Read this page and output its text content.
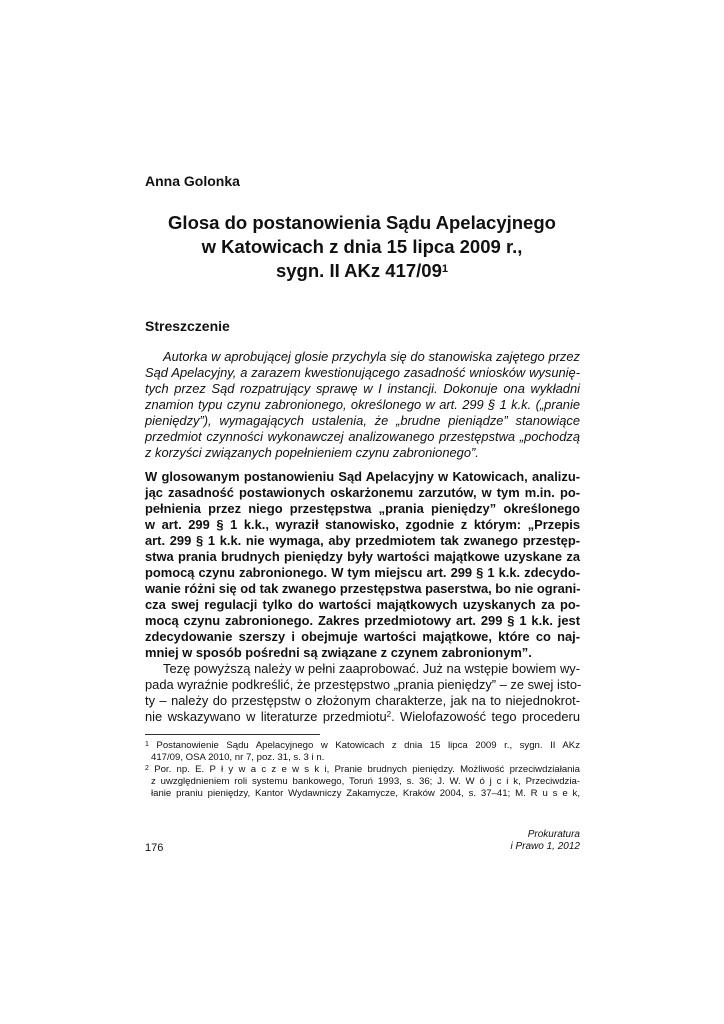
Anna Golonka
Glosa do postanowienia Sądu Apelacyjnego
w Katowicach z dnia 15 lipca 2009 r.,
sygn. II AKz $417/09^1$
Streszczenie
Autorka w aprobującej glosie przychyla się do stanowiska zajętego przez
Sąd Apelacyjny, a zarazem kwestionującego zasadność wniosków wysunię-
tych przez Sąd rozpatrujący sprawę w I instancji. Dokonuje ona wykładni
znamion typu czynu zabronionego, określonego w art. 299 § 1 k.k. („pranie
pieniędzy”), wymagających ustalenia, że „brudne pieniądze” stanowiące
przedmiot czynności wykonawczej analizowanego przestępstwa „pochodzą
z korzyści związanych popełnieniem czynu zabronionego”.
W glosowanym postanowieniu Sąd Apelacyjny w Katowicach, analizu-
jąc zasadność postawionych oskarżonemu zarzutów, w tym m.in. po-
pełnienia przez niego przestępstwa „prania pieniędzy” określonego
w art. 299 § 1 k.k., wyraził stanowisko, zgodnie z którym: „Przepis
art. 299 § 1 k.k. nie wymaga, aby przedmiotem tak zwanego przestęp-
stwa prania brudnych pieniędzy były wartości majątkowe uzyskane za
pomocą czynu zabronionego. W tym miejscu art. 299 § 1 k.k. zdecydo-
wanie różni się od tak zwanego przestępstwa paserstwa, bo nie ograni-
cza swej regulacji tylko do wartości majątkowych uzyskanych za po-
mocą czynu zabronionego. Zakres przedmiotowy art. 299 § 1 k.k. jest
zdecydowanie szerszy i obejmuje wartości majątkowe, które co naj-
mniej w sposób pośredni są związane z czynem zabronionym”.
Tezę powyższą należy w pełni zaaprobować. Już na wstępie bowiem wy-
pada wyraźnie podkreślić, że przestępstwo „prania pieniędzy” – ze swej isto-
ty – należy do przestępstw o złożonym charakterze, jak na to niejednokrot-
nie wskazywano w literaturze przedmiotu$^2$. Wielofazowość tego procederu
$^1$ Postanowienie Sądu Apelacyjnego w Katowicach z dnia 15 lipca 2009 r., sygn. II AKz
417/09, OSA 2010, nr 7, poz. 31, s. 3 i n.
$^2$ Por. np. E. P ł y w a c z e w s k i, Pranie brudnych pieniędzy. Możliwość przeciwdziałania
z uwzględnieniem roli systemu bankowego, Toruń 1993, s. 36; J. W. W ó j c i k, Przeciwdzia-
łanie praniu pieniędzy, Kantor Wydawniczy Zakamycze, Kraków 2004, s. 37–41; M. R u s e k,
Prokuratura
i Prawo 1, 2012
176
